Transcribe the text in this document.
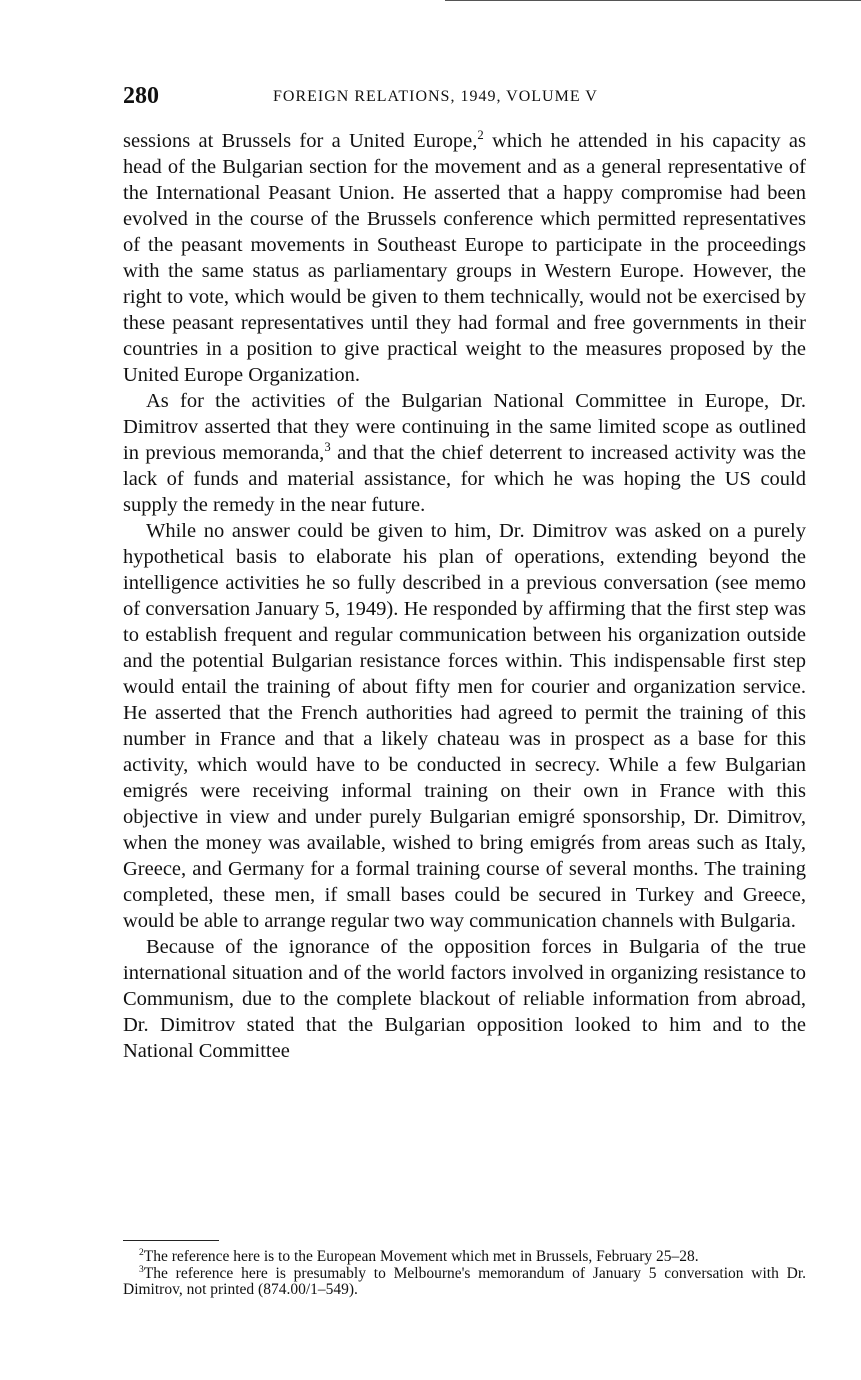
280	FOREIGN RELATIONS, 1949, VOLUME V

sessions at Brussels for a United Europe,$^2$ which he attended in his capacity as head of the Bulgarian section for the movement and as a general representative of the International Peasant Union. He asserted that a happy compromise had been evolved in the course of the Brussels conference which permitted representatives of the peasant movements in Southeast Europe to participate in the proceedings with the same status as parliamentary groups in Western Europe. However, the right to vote, which would be given to them technically, would not be exercised by these peasant representatives until they had formal and free governments in their countries in a position to give practical weight to the measures proposed by the United Europe Organization.

As for the activities of the Bulgarian National Committee in Europe, Dr. Dimitrov asserted that they were continuing in the same limited scope as outlined in previous memoranda,$^3$ and that the chief deterrent to increased activity was the lack of funds and material assistance, for which he was hoping the US could supply the remedy in the near future.

While no answer could be given to him, Dr. Dimitrov was asked on a purely hypothetical basis to elaborate his plan of operations, extending beyond the intelligence activities he so fully described in a previous conversation (see memo of conversation January 5, 1949). He responded by affirming that the first step was to establish frequent and regular communication between his organization outside and the potential Bulgarian resistance forces within. This indispensable first step would entail the training of about fifty men for courier and organization service. He asserted that the French authorities had agreed to permit the training of this number in France and that a likely chateau was in prospect as a base for this activity, which would have to be conducted in secrecy. While a few Bulgarian emigrés were receiving informal training on their own in France with this objective in view and under purely Bulgarian emigré sponsorship, Dr. Dimitrov, when the money was available, wished to bring emigrés from areas such as Italy, Greece, and Germany for a formal training course of several months. The training completed, these men, if small bases could be secured in Turkey and Greece, would be able to arrange regular two way communication channels with Bulgaria.

Because of the ignorance of the opposition forces in Bulgaria of the true international situation and of the world factors involved in organizing resistance to Communism, due to the complete blackout of reliable information from abroad, Dr. Dimitrov stated that the Bulgarian opposition looked to him and to the National Committee

$^2$The reference here is to the European Movement which met in Brussels, February 25–28.

$^3$The reference here is presumably to Melbourne's memorandum of January 5 conversation with Dr. Dimitrov, not printed (874.00/1–549).
